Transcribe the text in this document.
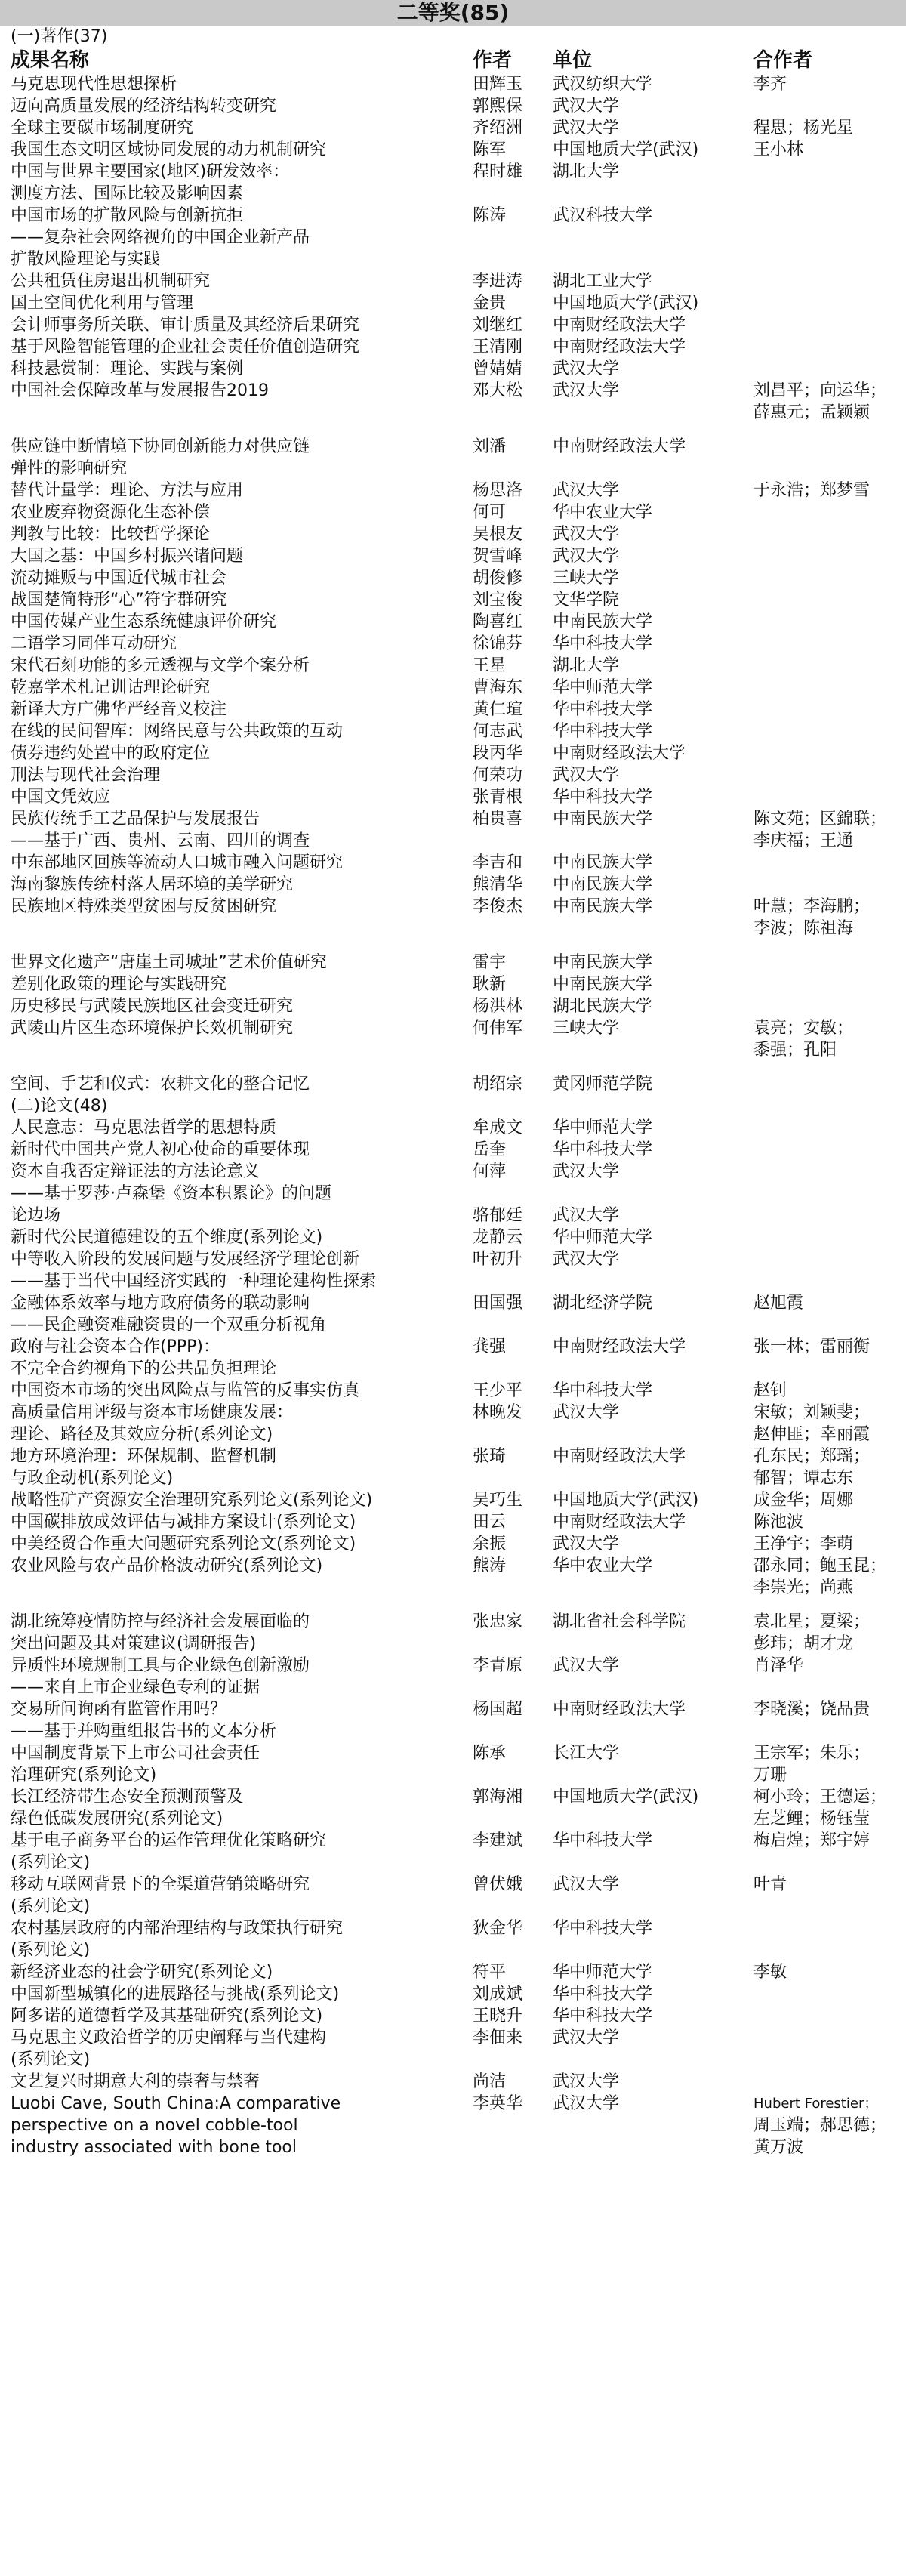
二等奖(85)
(一)著作(37)
成果名称	作者	单位	合作者
马克思现代性思想探析	田辉玉	武汉纺织大学	李齐
迈向高质量发展的经济结构转变研究	郭熙保	武汉大学
全球主要碳市场制度研究	齐绍洲	武汉大学	程思；杨光星
我国生态文明区域协同发展的动力机制研究	陈军	中国地质大学(武汉)	王小林
中国与世界主要国家(地区)研发效率：	程时雄	湖北大学
测度方法、国际比较及影响因素
中国市场的扩散风险与创新抗拒	陈涛	武汉科技大学
——复杂社会网络视角的中国企业新产品
扩散风险理论与实践
公共租赁住房退出机制研究	李进涛	湖北工业大学
国土空间优化利用与管理	金贵	中国地质大学(武汉)
会计师事务所关联、审计质量及其经济后果研究	刘继红	中南财经政法大学
基于风险智能管理的企业社会责任价值创造研究	王清刚	中南财经政法大学
科技悬赏制：理论、实践与案例	曾婧婧	武汉大学
中国社会保障改革与发展报告2019	邓大松	武汉大学	刘昌平；向运华；
薛惠元；孟颖颖
供应链中断情境下协同创新能力对供应链	刘潘	中南财经政法大学
弹性的影响研究
替代计量学：理论、方法与应用	杨思洛	武汉大学	于永浩；郑梦雪
农业废弃物资源化生态补偿	何可	华中农业大学
判教与比较：比较哲学探论	吴根友	武汉大学
大国之基：中国乡村振兴诸问题	贺雪峰	武汉大学
流动摊贩与中国近代城市社会	胡俊修	三峡大学
战国楚简特形“心”符字群研究	刘宝俊	文华学院
中国传媒产业生态系统健康评价研究	陶喜红	中南民族大学
二语学习同伴互动研究	徐锦芬	华中科技大学
宋代石刻功能的多元透视与文学个案分析	王星	湖北大学
乾嘉学术札记训诂理论研究	曹海东	华中师范大学
新译大方广佛华严经音义校注	黄仁瑄	华中科技大学
在线的民间智库：网络民意与公共政策的互动	何志武	华中科技大学
债券违约处置中的政府定位	段丙华	中南财经政法大学
刑法与现代社会治理	何荣功	武汉大学
中国文凭效应	张青根	华中科技大学
民族传统手工艺品保护与发展报告	柏贵喜	中南民族大学	陈文苑；区錦联；
——基于广西、贵州、云南、四川的调查	李庆福；王通
中东部地区回族等流动人口城市融入问题研究	李吉和	中南民族大学
海南黎族传统村落人居环境的美学研究	熊清华	中南民族大学
民族地区特殊类型贫困与反贫困研究	李俊杰	中南民族大学	叶慧；李海鹏；
李波；陈祖海
世界文化遗产“唐崖土司城址”艺术价值研究	雷宇	中南民族大学
差别化政策的理论与实践研究	耿新	中南民族大学
历史移民与武陵民族地区社会变迁研究	杨洪林	湖北民族大学
武陵山片区生态环境保护长效机制研究	何伟军	三峡大学	袁亮；安敏；
黍强；孔阳
空间、手艺和仪式：农耕文化的整合记忆	胡绍宗	黄冈师范学院
(二)论文(48)
人民意志：马克思法哲学的思想特质	牟成文	华中师范大学
新时代中国共产党人初心使命的重要体现	岳奎	华中科技大学
资本自我否定辩证法的方法论意义	何萍	武汉大学
——基于罗莎·卢森堡《资本积累论》的问题
论边场	骆郁廷	武汉大学
新时代公民道德建设的五个维度(系列论文)	龙静云	华中师范大学
中等收入阶段的发展问题与发展经济学理论创新	叶初升	武汉大学
——基于当代中国经济实践的一种理论建构性探索
金融体系效率与地方政府债务的联动影响	田国强	湖北经济学院	赵旭霞
——民企融资难融资贵的一个双重分析视角
政府与社会资本合作(PPP)：	龚强	中南财经政法大学	张一林；雷丽衡
不完全合约视角下的公共品负担理论
中国资本市场的突出风险点与监管的反事实仿真	王少平	华中科技大学	赵钊
高质量信用评级与资本市场健康发展：	林晚发	武汉大学	宋敏；刘颖斐；
理论、路径及其效应分析(系列论文)	赵伸匪；幸丽霞
地方环境治理：环保规制、监督机制	张琦	中南财经政法大学	孔东民；郑瑶；
与政企动机(系列论文)	郁智；谭志东
战略性矿产资源安全治理研究系列论文(系列论文)	吴巧生	中国地质大学(武汉)	成金华；周娜
中国碳排放成效评估与减排方案设计(系列论文)	田云	中南财经政法大学	陈池波
中美经贸合作重大问题研究系列论文(系列论文)	余振	武汉大学	王净宇；李萌
农业风险与农产品价格波动研究(系列论文)	熊涛	华中农业大学	邵永同；鲍玉昆；
李崇光；尚燕
湖北统筹疫情防控与经济社会发展面临的	张忠家	湖北省社会科学院	袁北星；夏梁；
突出问题及其对策建议(调研报告)	彭玮；胡才龙
异质性环境规制工具与企业绿色创新激励	李青原	武汉大学	肖泽华
——来自上市企业绿色专利的证据
交易所问询函有监管作用吗？	杨国超	中南财经政法大学	李晓溪；饶品贵
——基于并购重组报告书的文本分析
中国制度背景下上市公司社会责任	陈承	长江大学	王宗军；朱乐；
治理研究(系列论文)	万珊
长江经济带生态安全预测预警及	郭海湘	中国地质大学(武汉)	柯小玲；王德运；
绿色低碳发展研究(系列论文)	左芝鲤；杨钰莹
基于电子商务平台的运作管理优化策略研究	李建斌	华中科技大学	梅启煌；郑宇婷
(系列论文)
移动互联网背景下的全渠道营销策略研究	曾伏娥	武汉大学	叶青
(系列论文)
农村基层政府的内部治理结构与政策执行研究	狄金华	华中科技大学
(系列论文)
新经济业态的社会学研究(系列论文)	符平	华中师范大学	李敏
中国新型城镇化的进展路径与挑战(系列论文)	刘成斌	华中科技大学
阿多诺的道德哲学及其基础研究(系列论文)	王晓升	华中科技大学
马克思主义政治哲学的历史阐释与当代建构	李佃来	武汉大学
(系列论文)
文艺复兴时期意大利的崇奢与禁奢	尚洁	武汉大学
Luobi Cave, South China:A comparative	李英华	武汉大学	Hubert Forestier；
perspective on a novel cobble-tool	周玉端；郝思德；
industry associated with bone tool	黄万波
